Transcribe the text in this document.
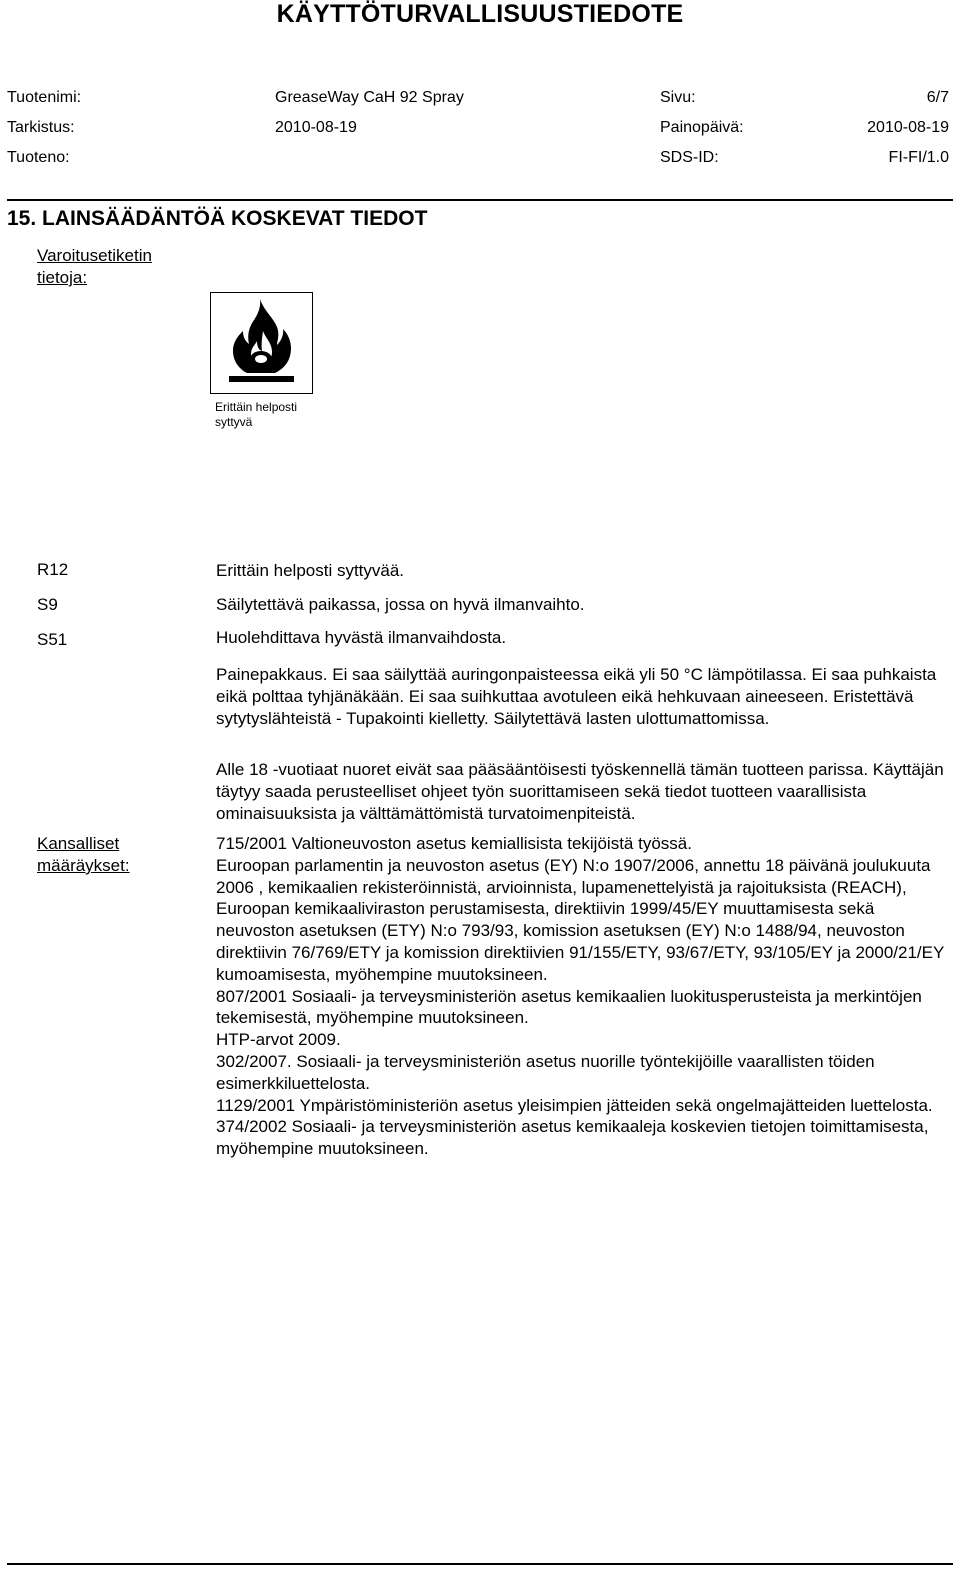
KÄYTTÖTURVALLISUUSTIEDOTE
Tuotenimi:	GreaseWay CaH 92 Spray	Sivu:	6/7
Tarkistus:	2010-08-19	Painopäivä:	2010-08-19
Tuoteno:	SDS-ID:	FI-FI/1.0
15. LAINSÄÄDÄNTÖÄ KOSKEVAT TIEDOT
Varoitusetiketin
tietoja:
Erittäin helposti
syttyvä
R12	Erittäin helposti syttyvää.
S9	Säilytettävä paikassa, jossa on hyvä ilmanvaihto.
S51	Huolehdittava hyvästä ilmanvaihdosta.

Painepakkaus. Ei saa säilyttää auringonpaisteessa eikä yli 50 °C lämpötilassa. Ei saa puhkaista eikä polttaa tyhjänäkään. Ei saa suihkuttaa avotuleen eikä hehkuvaan aineeseen. Eristettävä sytytyslähteistä - Tupakointi kielletty. Säilytettävä lasten ulottumattomissa.

Kansalliset
määräykset:

Alle 18 -vuotiaat nuoret eivät saa pääsääntöisesti työskennellä tämän tuotteen parissa. Käyttäjän täytyy saada perusteelliset ohjeet työn suorittamiseen sekä tiedot tuotteen vaarallisista ominaisuuksista ja välttämättömistä turvatoimenpiteistä.

715/2001 Valtioneuvoston asetus kemiallisista tekijöistä työssä.

Euroopan parlamentin ja neuvoston asetus (EY) N:o 1907/2006, annettu 18 päivänä joulukuuta 2006 , kemikaalien rekisteröinnistä, arvioinnista, lupamenettelyistä ja rajoituksista (REACH), Euroopan kemikaaliviraston perustamisesta, direktiivin 1999/45/EY muuttamisesta sekä neuvoston asetuksen (ETY) N:o 793/93, komission asetuksen (EY) N:o 1488/94, neuvoston direktiivin 76/769/ETY ja komission direktiivien 91/155/ETY, 93/67/ETY, 93/105/EY ja 2000/21/EY kumoamisesta, myöhempine muutoksineen.

807/2001 Sosiaali- ja terveysministeriön asetus kemikaalien luokitusperusteista ja merkintöjen tekemisestä, myöhempine muutoksineen.

HTP-arvot 2009.

302/2007. Sosiaali- ja terveysministeriön asetus nuorille työntekijöille vaarallisten töiden esimerkkiluettelosta.

1129/2001 Ympäristöministeriön asetus yleisimpien jätteiden sekä ongelmajätteiden luettelosta.

374/2002 Sosiaali- ja terveysministeriön asetus kemikaaleja koskevien tietojen toimittamisesta, myöhempine muutoksineen.
